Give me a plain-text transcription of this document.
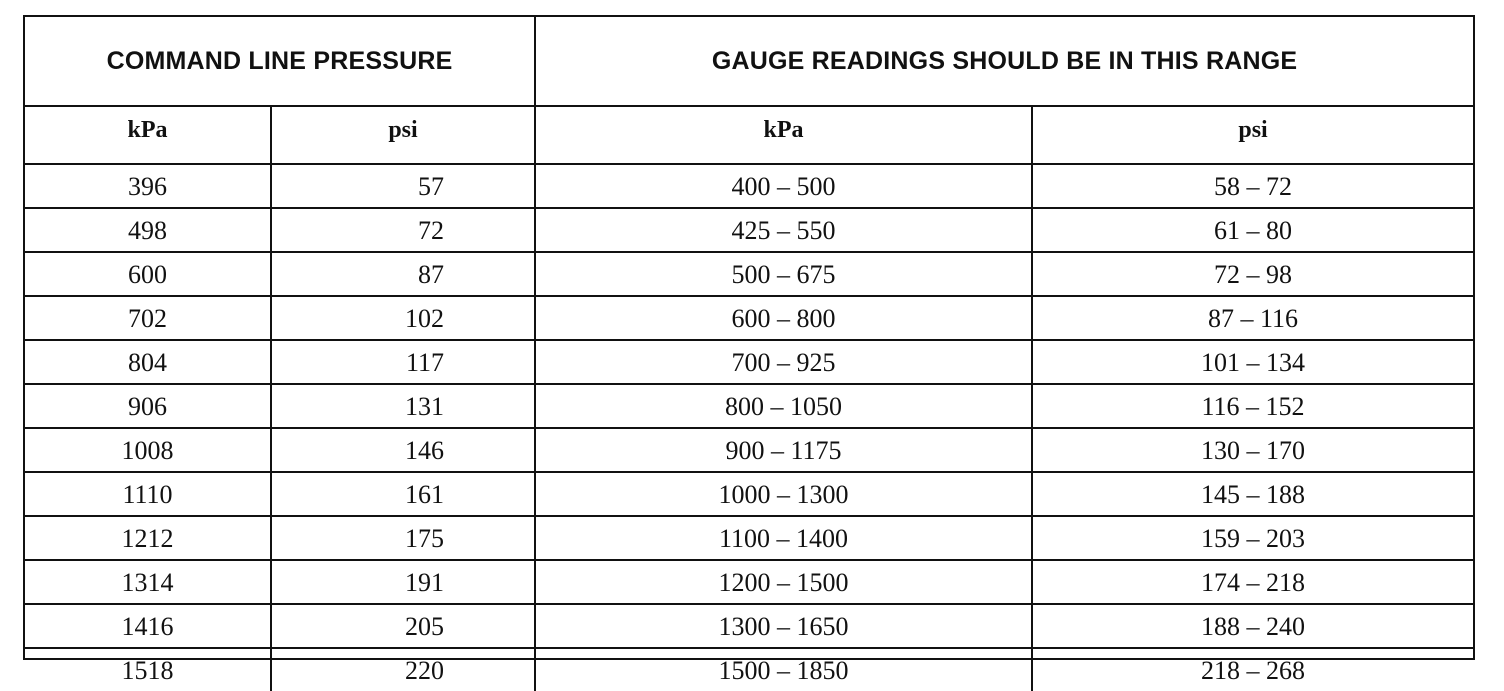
COMMAND LINE PRESSURE		GAUGE READINGS SHOULD BE IN THIS RANGE	
kPa	psi	kPa	psi
396	57	400 – 500	58 – 72
498	72	425 – 550	61 – 80
600	87	500 – 675	72 – 98
702	102	600 – 800	87 – 116
804	117	700 – 925	101 – 134
906	131	800 – 1050	116 – 152
1008	146	900 – 1175	130 – 170
1110	161	1000 – 1300	145 – 188
1212	175	1100 – 1400	159 – 203
1314	191	1200 – 1500	174 – 218
1416	205	1300 – 1650	188 – 240
1518	220	1500 – 1850	218 – 268
